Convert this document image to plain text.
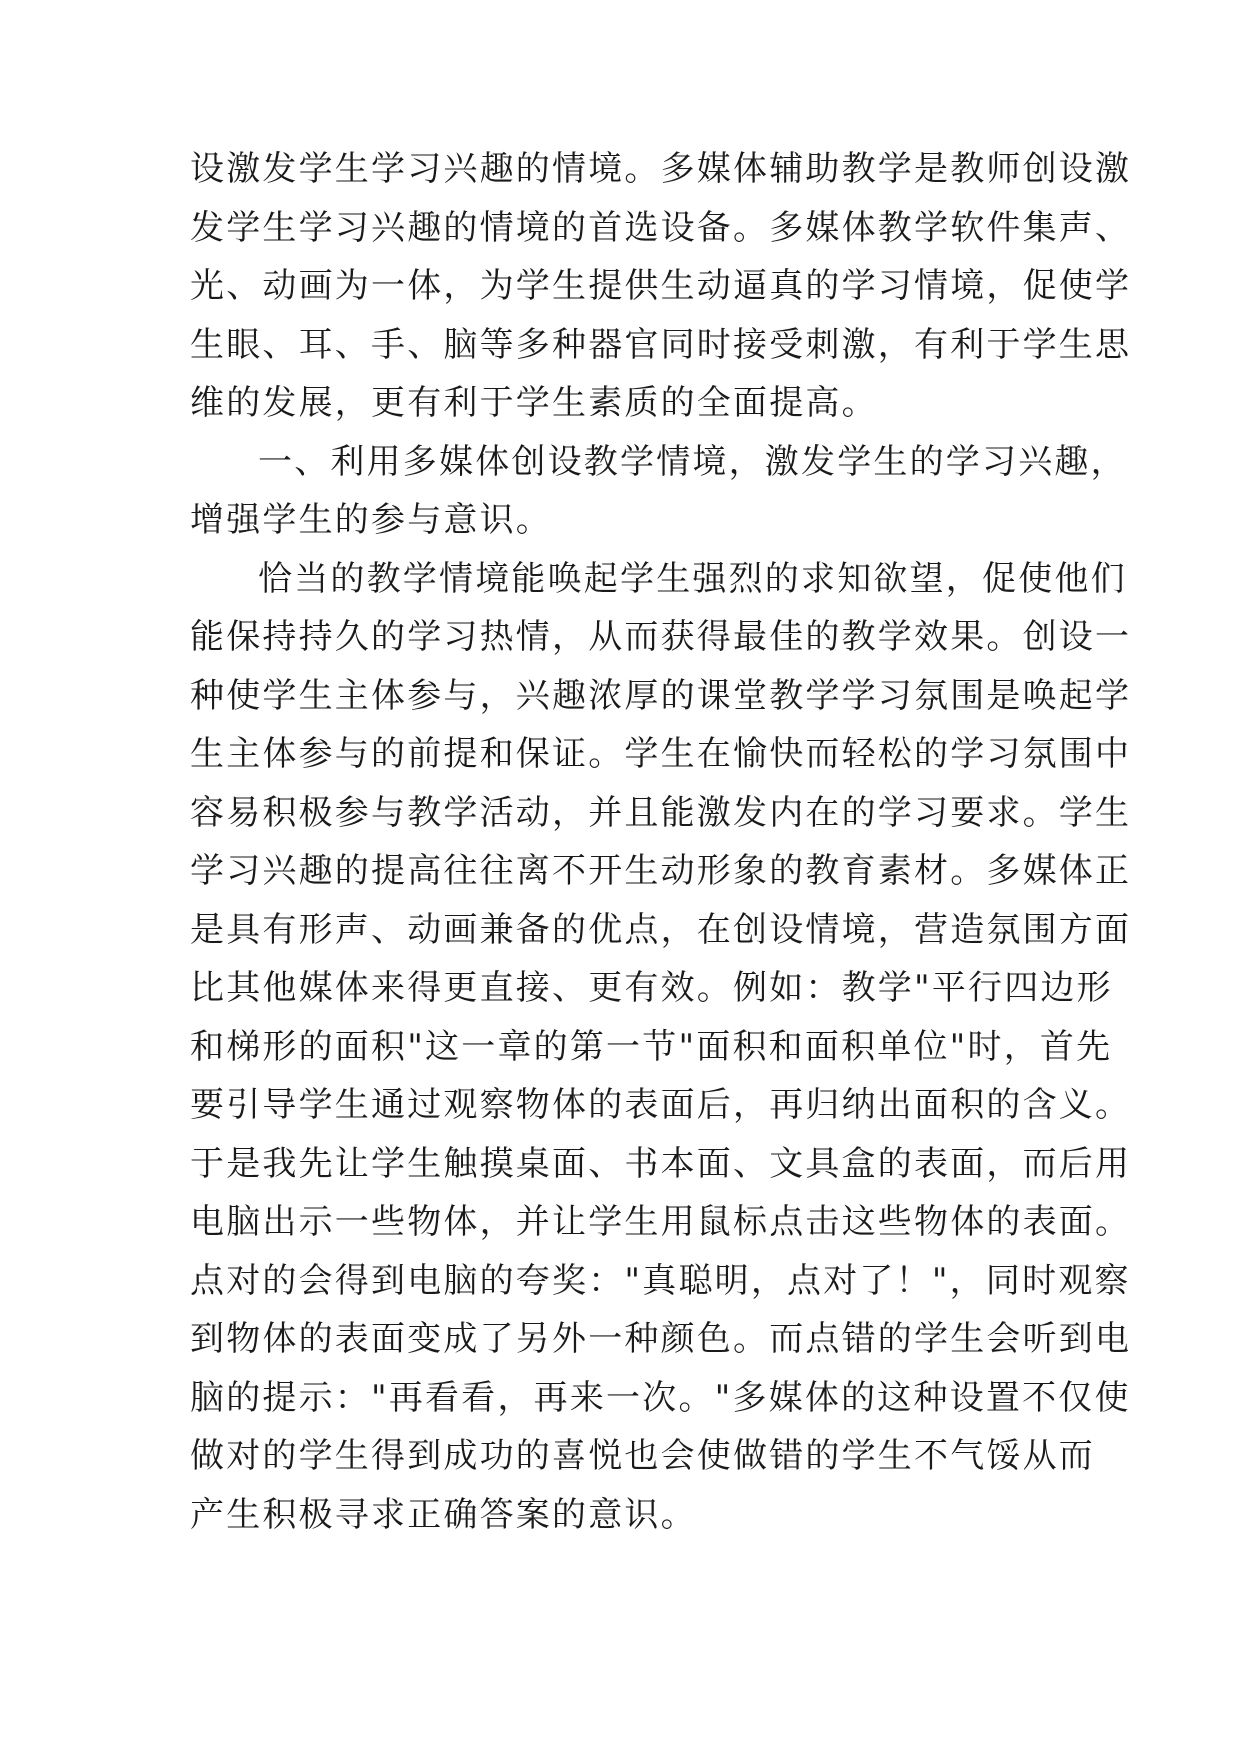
设激发学生学习兴趣的情境。多媒体辅助教学是教师创设激
发学生学习兴趣的情境的首选设备。多媒体教学软件集声、
光、动画为一体，为学生提供生动逼真的学习情境，促使学
生眼、耳、手、脑等多种器官同时接受刺激，有利于学生思
维的发展，更有利于学生素质的全面提高。
一、利用多媒体创设教学情境，激发学生的学习兴趣，
增强学生的参与意识。
恰当的教学情境能唤起学生强烈的求知欲望，促使他们
能保持持久的学习热情，从而获得最佳的教学效果。创设一
种使学生主体参与，兴趣浓厚的课堂教学学习氛围是唤起学
生主体参与的前提和保证。学生在愉快而轻松的学习氛围中
容易积极参与教学活动，并且能激发内在的学习要求。学生
学习兴趣的提高往往离不开生动形象的教育素材。多媒体正
是具有形声、动画兼备的优点，在创设情境，营造氛围方面
比其他媒体来得更直接、更有效。例如：教学"平行四边形
和梯形的面积"这一章的第一节"面积和面积单位"时，首先
要引导学生通过观察物体的表面后，再归纳出面积的含义。
于是我先让学生触摸桌面、书本面、文具盒的表面，而后用
电脑出示一些物体，并让学生用鼠标点击这些物体的表面。
点对的会得到电脑的夸奖："真聪明，点对了！"，同时观察
到物体的表面变成了另外一种颜色。而点错的学生会听到电
脑的提示："再看看，再来一次。"多媒体的这种设置不仅使
做对的学生得到成功的喜悦也会使做错的学生不气馁从而
产生积极寻求正确答案的意识。
